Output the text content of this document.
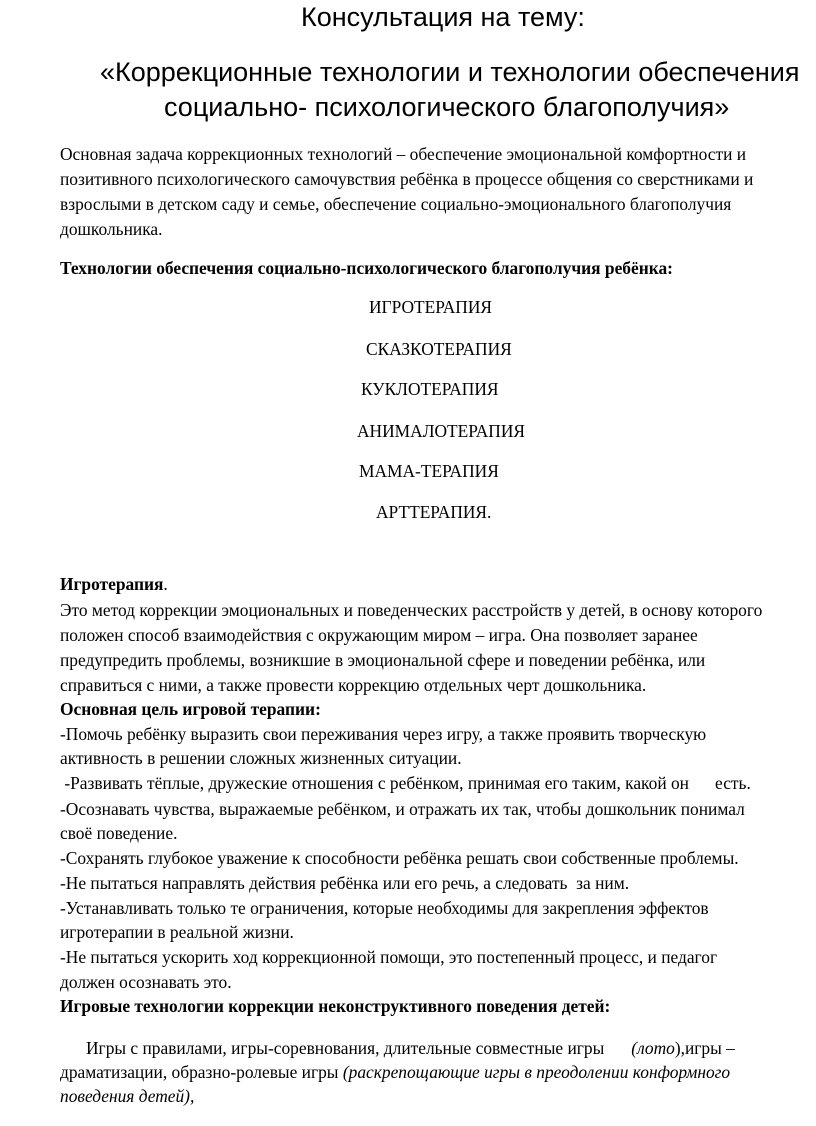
Консультация на тему:
«Коррекционные технологии и технологии обеспечения
социально- психологического благополучия»
Основная задача коррекционных технологий – обеспечение эмоциональной комфортности и
позитивного психологического самочувствия ребёнка в процессе общения со сверстниками и
взрослыми в детском саду и семье, обеспечение социально-эмоционального благополучия
дошкольника.
Технологии обеспечения социально-психологического благополучия ребёнка:
ИГРОТЕРАПИЯ
СКАЗКОТЕРАПИЯ
КУКЛОТЕРАПИЯ
АНИМАЛОТЕРАПИЯ
МАМА-ТЕРАПИЯ
АРТТЕРАПИЯ.
Игротерапия.
Это метод коррекции эмоциональных и поведенческих расстройств у детей, в основу которого
положен способ взаимодействия с окружающим миром – игра. Она позволяет заранее
предупредить проблемы, возникшие в эмоциональной сфере и поведении ребёнка, или
справиться с ними, а также провести коррекцию отдельных черт дошкольника.
Основная цель игровой терапии:
-Помочь ребёнку выразить свои переживания через игру, а также проявить творческую
активность в решении сложных жизненных ситуации.
-Развивать тёплые, дружеские отношения с ребёнком, принимая его таким, какой он      есть.
-Осознавать чувства, выражаемые ребёнком, и отражать их так, чтобы дошкольник понимал
своё поведение.
-Сохранять глубокое уважение к способности ребёнка решать свои собственные проблемы.
-Не пытаться направлять действия ребёнка или его речь, а следовать  за ним.
-Устанавливать только те ограничения, которые необходимы для закрепления эффектов
игротерапии в реальной жизни.
-Не пытаться ускорить ход коррекционной помощи, это постепенный процесс, и педагог
должен осознавать это.
Игровые технологии коррекции неконструктивного поведения детей:
Игры с правилами, игры-соревнования, длительные совместные игры (лото),игры –
драматизации, образно-ролевые игры (раскрепощающие игры в преодолении конформного
поведения детей),
